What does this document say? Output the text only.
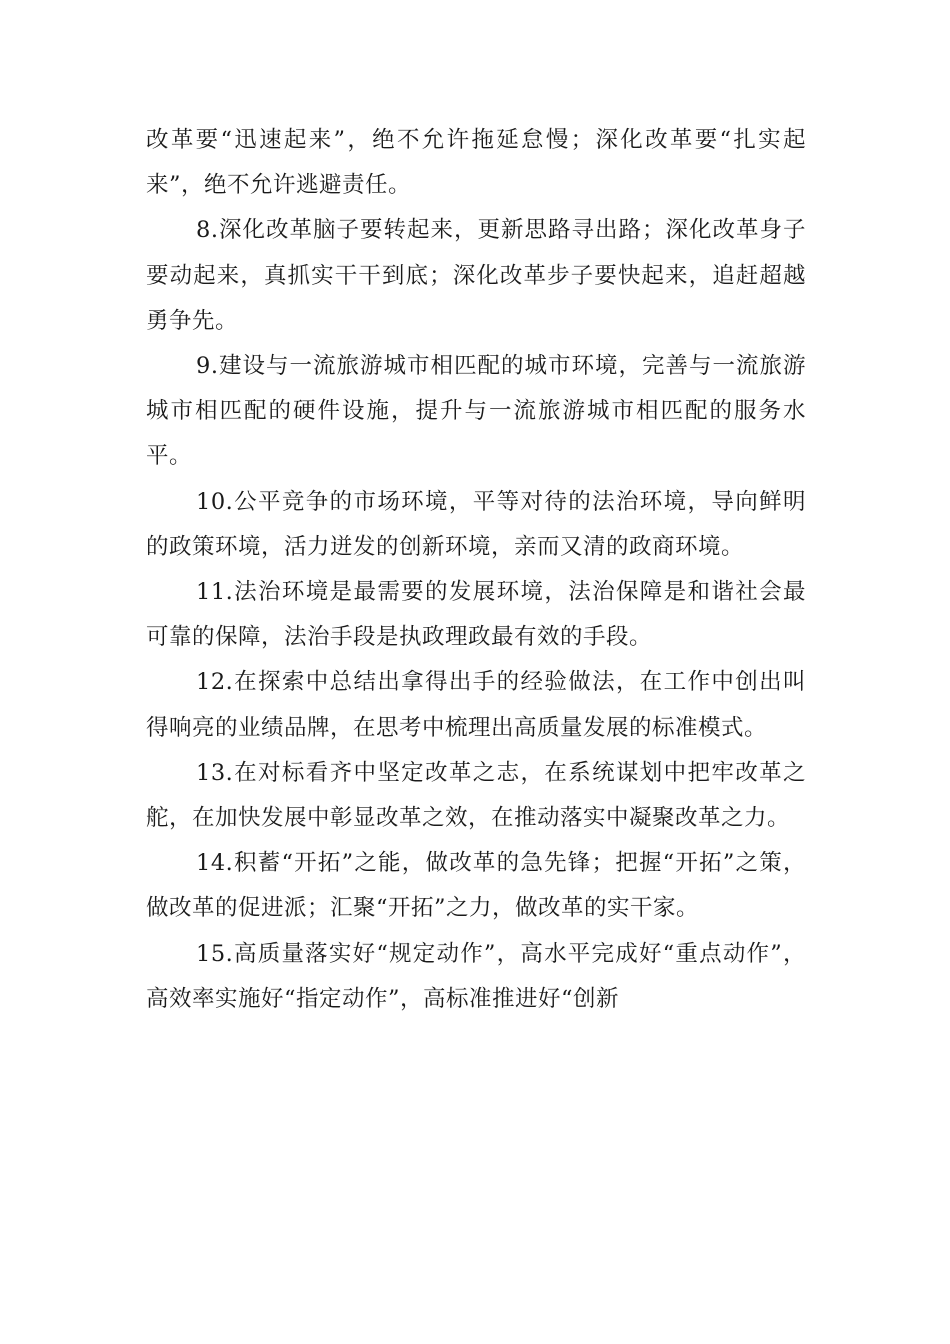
改革要“迅速起来”，绝不允许拖延怠慢；深化改革要“扎实起来”，绝不允许逃避责任。

8.深化改革脑子要转起来，更新思路寻出路；深化改革身子要动起来，真抓实干干到底；深化改革步子要快起来，追赶超越勇争先。

9.建设与一流旅游城市相匹配的城市环境，完善与一流旅游城市相匹配的硬件设施，提升与一流旅游城市相匹配的服务水平。

10.公平竞争的市场环境，平等对待的法治环境，导向鲜明的政策环境，活力迸发的创新环境，亲而又清的政商环境。

11.法治环境是最需要的发展环境，法治保障是和谐社会最可靠的保障，法治手段是执政理政最有效的手段。

12.在探索中总结出拿得出手的经验做法，在工作中创出叫得响亮的业绩品牌，在思考中梳理出高质量发展的标准模式。

13.在对标看齐中坚定改革之志，在系统谋划中把牢改革之舵，在加快发展中彰显改革之效，在推动落实中凝聚改革之力。

14.积蓄“开拓”之能，做改革的急先锋；把握“开拓”之策，做改革的促进派；汇聚“开拓”之力，做改革的实干家。

15.高质量落实好“规定动作”，高水平完成好“重点动作”，高效率实施好“指定动作”，高标准推进好“创新
